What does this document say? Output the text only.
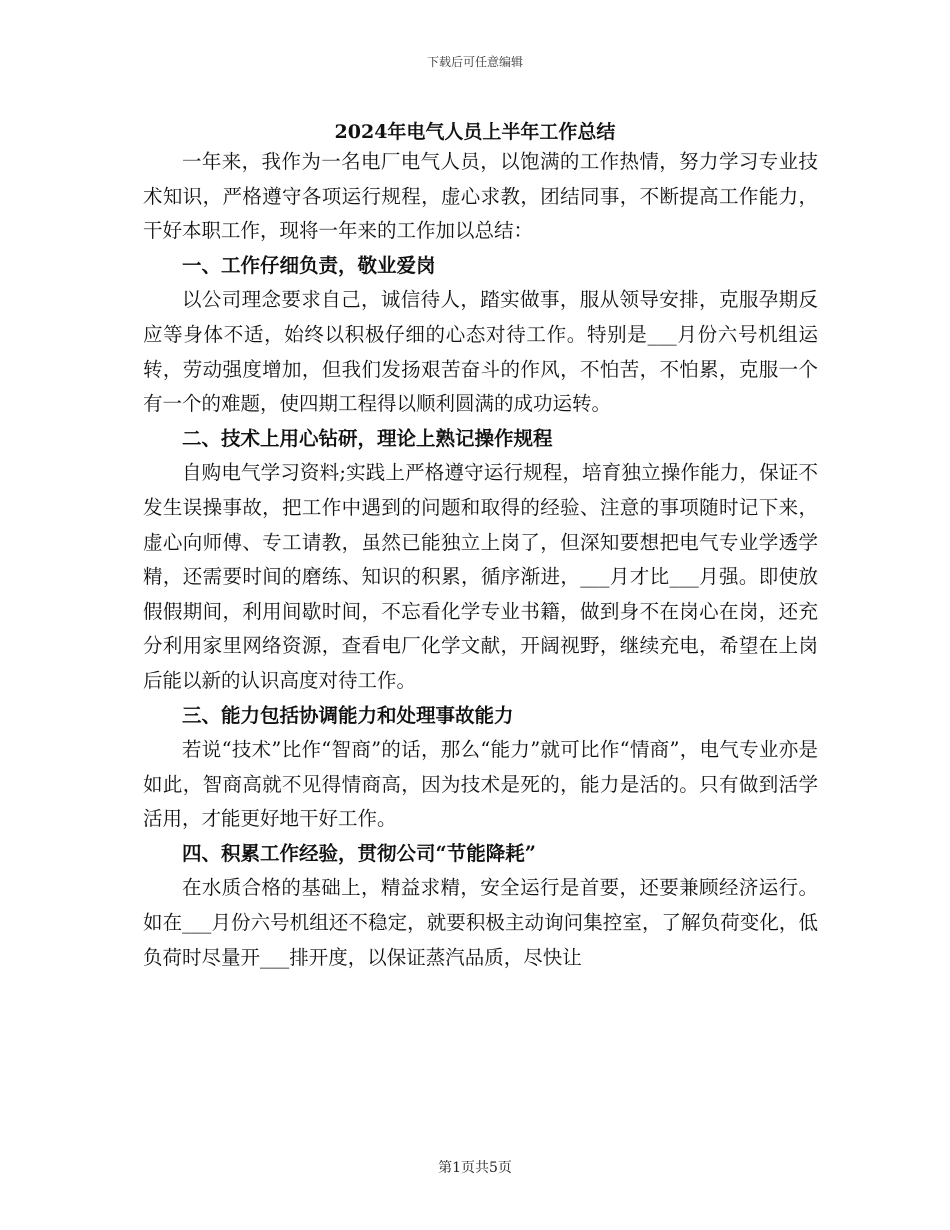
下载后可任意编辑
2024年电气人员上半年工作总结

一年来，我作为一名电厂电气人员，以饱满的工作热情，努力学习专业技术知识，严格遵守各项运行规程，虚心求教，团结同事，不断提高工作能力，干好本职工作，现将一年来的工作加以总结：

一、工作仔细负责，敬业爱岗

以公司理念要求自己，诚信待人，踏实做事，服从领导安排，克服孕期反应等身体不适，始终以积极仔细的心态对待工作。特别是___月份六号机组运转，劳动强度增加，但我们发扬艰苦奋斗的作风，不怕苦，不怕累，克服一个有一个的难题，使四期工程得以顺利圆满的成功运转。

二、技术上用心钻研，理论上熟记操作规程

自购电气学习资料;实践上严格遵守运行规程，培育独立操作能力，保证不发生误操事故，把工作中遇到的问题和取得的经验、注意的事项随时记下来，虚心向师傅、专工请教，虽然已能独立上岗了，但深知要想把电气专业学透学精，还需要时间的磨练、知识的积累，循序渐进，___月才比___月强。即使放假假期间，利用间歇时间，不忘看化学专业书籍，做到身不在岗心在岗，还充分利用家里网络资源，查看电厂化学文献，开阔视野，继续充电，希望在上岗后能以新的认识高度对待工作。

三、能力包括协调能力和处理事故能力

若说“技术”比作“智商”的话，那么“能力”就可比作“情商”，电气专业亦是如此，智商高就不见得情商高，因为技术是死的，能力是活的。只有做到活学活用，才能更好地干好工作。

四、积累工作经验，贯彻公司“节能降耗”

在水质合格的基础上，精益求精，安全运行是首要，还要兼顾经济运行。如在___月份六号机组还不稳定，就要积极主动询问集控室，了解负荷变化，低负荷时尽量开___排开度，以保证蒸汽品质，尽快让

第1页共5页
